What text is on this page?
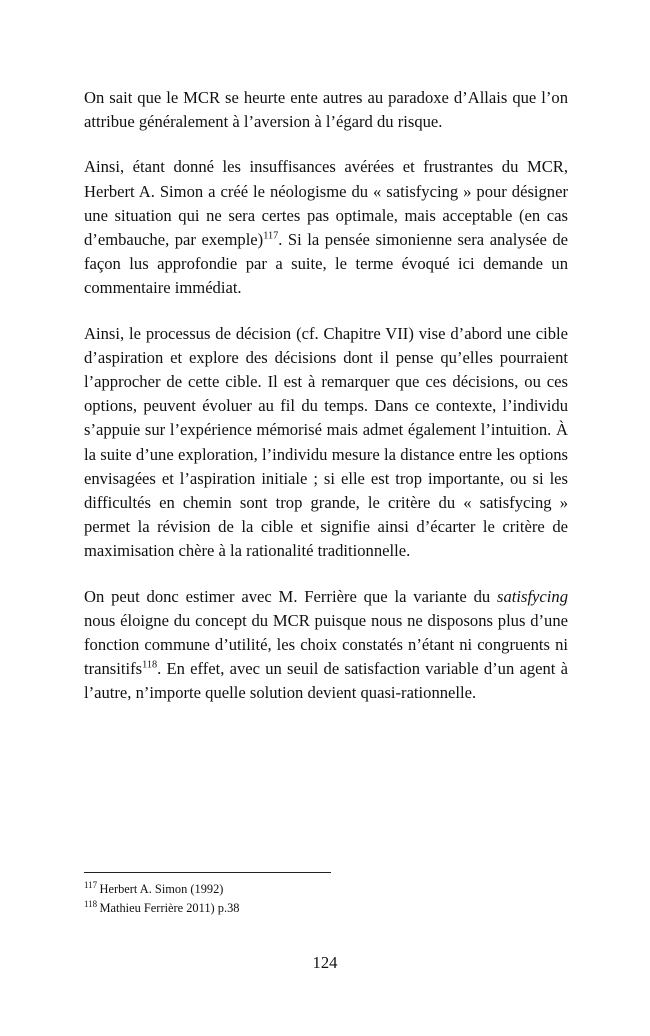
On sait que le MCR se heurte ente autres au paradoxe d’Allais que l’on attribue généralement à l’aversion à l’égard du risque.

Ainsi, étant donné les insuffisances avérées et frustrantes du MCR, Herbert A. Simon a créé le néologisme du « satisfycing » pour désigner une situation qui ne sera certes pas optimale, mais acceptable (en cas d’embauche, par exemple)$^{117}$. Si la pensée simonienne sera analysée de façon lus approfondie par a suite, le terme évoqué ici demande un commentaire immédiat.

Ainsi, le processus de décision (cf. Chapitre VII) vise d’abord une cible d’aspiration et explore des décisions dont il pense qu’elles pourraient l’approcher de cette cible. Il est à remarquer que ces décisions, ou ces options, peuvent évoluer au fil du temps. Dans ce contexte, l’individu s’appuie sur l’expérience mémorisé mais admet également l’intuition. À la suite d’une exploration, l’individu mesure la distance entre les options envisagées et l’aspiration initiale ; si elle est trop importante, ou si les difficultés en chemin sont trop grande, le critère du « satisfycing » permet la révision de la cible et signifie ainsi d’écarter le critère de maximisation chère à la rationalité traditionnelle.

On peut donc estimer avec M. Ferrière que la variante du satisfycing nous éloigne du concept du MCR puisque nous ne disposons plus d’une fonction commune d’utilité, les choix constatés n’étant ni congruents ni transitifs$^{118}$. En effet, avec un seuil de satisfaction variable d’un agent à l’autre, n’importe quelle solution devient quasi-rationnelle.

$^{117}$ Herbert A. Simon (1992)
$^{118}$ Mathieu Ferrière 2011) p.38
124
